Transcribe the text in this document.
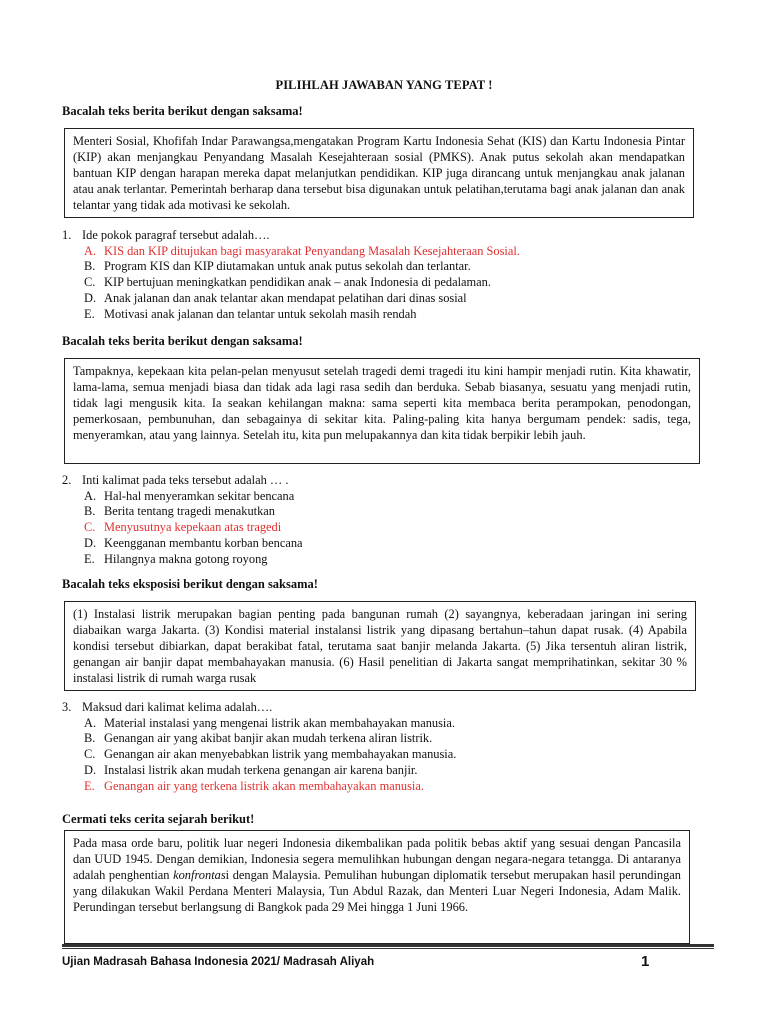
PILIHLAH JAWABAN YANG TEPAT !
Bacalah teks berita berikut dengan saksama!
Menteri Sosial, Khofifah Indar Parawangsa,mengatakan Program Kartu Indonesia Sehat (KIS) dan Kartu Indonesia Pintar (KIP) akan menjangkau Penyandang Masalah Kesejahteraan sosial (PMKS). Anak putus sekolah akan mendapatkan bantuan KIP dengan harapan mereka dapat melanjutkan pendidikan. KIP juga dirancang untuk menjangkau anak jalanan atau anak terlantar. Pemerintah berharap dana tersebut bisa digunakan untuk pelatihan,terutama bagi anak jalanan dan anak telantar yang tidak ada motivasi ke sekolah.
1. Ide pokok paragraf tersebut adalah….
A. KIS dan KIP ditujukan bagi masyarakat Penyandang Masalah Kesejahteraan Sosial.
B. Program KIS dan KIP diutamakan untuk anak putus sekolah dan terlantar.
C. KIP bertujuan meningkatkan pendidikan anak – anak Indonesia di pedalaman.
D. Anak jalanan dan anak telantar akan mendapat pelatihan dari dinas sosial
E. Motivasi anak jalanan dan telantar untuk sekolah masih rendah
Bacalah teks berita berikut dengan saksama!
Tampaknya, kepekaan kita pelan-pelan menyusut setelah tragedi demi tragedi itu kini hampir menjadi rutin. Kita khawatir, lama-lama, semua menjadi biasa dan tidak ada lagi rasa sedih dan berduka. Sebab biasanya, sesuatu yang menjadi rutin, tidak lagi mengusik kita. Ia seakan kehilangan makna: sama seperti kita membaca berita perampokan, penodongan, pemerkosaan, pembunuhan, dan sebagainya di sekitar kita. Paling-paling kita hanya bergumam pendek: sadis, tega, menyeramkan, atau yang lainnya. Setelah itu, kita pun melupakannya dan kita tidak berpikir lebih jauh.
2. Inti kalimat pada teks tersebut adalah … .
A. Hal-hal menyeramkan sekitar bencana
B. Berita tentang tragedi menakutkan
C. Menyusutnya kepekaan atas tragedi
D. Keengganan membantu korban bencana
E. Hilangnya makna gotong royong
Bacalah teks eksposisi berikut dengan saksama!
(1) Instalasi listrik merupakan bagian penting pada bangunan rumah (2) sayangnya, keberadaan jaringan ini sering diabaikan warga Jakarta. (3) Kondisi material instalansi listrik yang dipasang bertahun–tahun dapat rusak. (4) Apabila kondisi tersebut dibiarkan, dapat berakibat fatal, terutama saat banjir melanda Jakarta. (5) Jika tersentuh aliran listrik, genangan air banjir dapat membahayakan manusia. (6) Hasil penelitian di Jakarta sangat memprihatinkan, sekitar 30 % instalasi listrik di rumah warga rusak
3. Maksud dari kalimat kelima adalah….
A. Material instalasi yang mengenai listrik akan membahayakan manusia.
B. Genangan air yang akibat banjir akan mudah terkena aliran listrik.
C. Genangan air akan menyebabkan listrik yang membahayakan manusia.
D. Instalasi listrik akan mudah terkena genangan air karena banjir.
E. Genangan air yang terkena listrik akan membahayakan manusia.
Cermati teks cerita sejarah berikut!
Pada masa orde baru, politik luar negeri Indonesia dikembalikan pada politik bebas aktif yang sesuai dengan Pancasila dan UUD 1945. Dengan demikian, Indonesia segera memulihkan hubungan dengan negara-negara tetangga. Di antaranya adalah penghentian konfrontasi dengan Malaysia. Pemulihan hubungan diplomatik tersebut merupakan hasil perundingan yang dilakukan Wakil Perdana Menteri Malaysia, Tun Abdul Razak, dan Menteri Luar Negeri Indonesia, Adam Malik. Perundingan tersebut berlangsung di Bangkok pada 29 Mei hingga 1 Juni 1966.
Ujian Madrasah Bahasa Indonesia 2021/ Madrasah Aliyah	1
